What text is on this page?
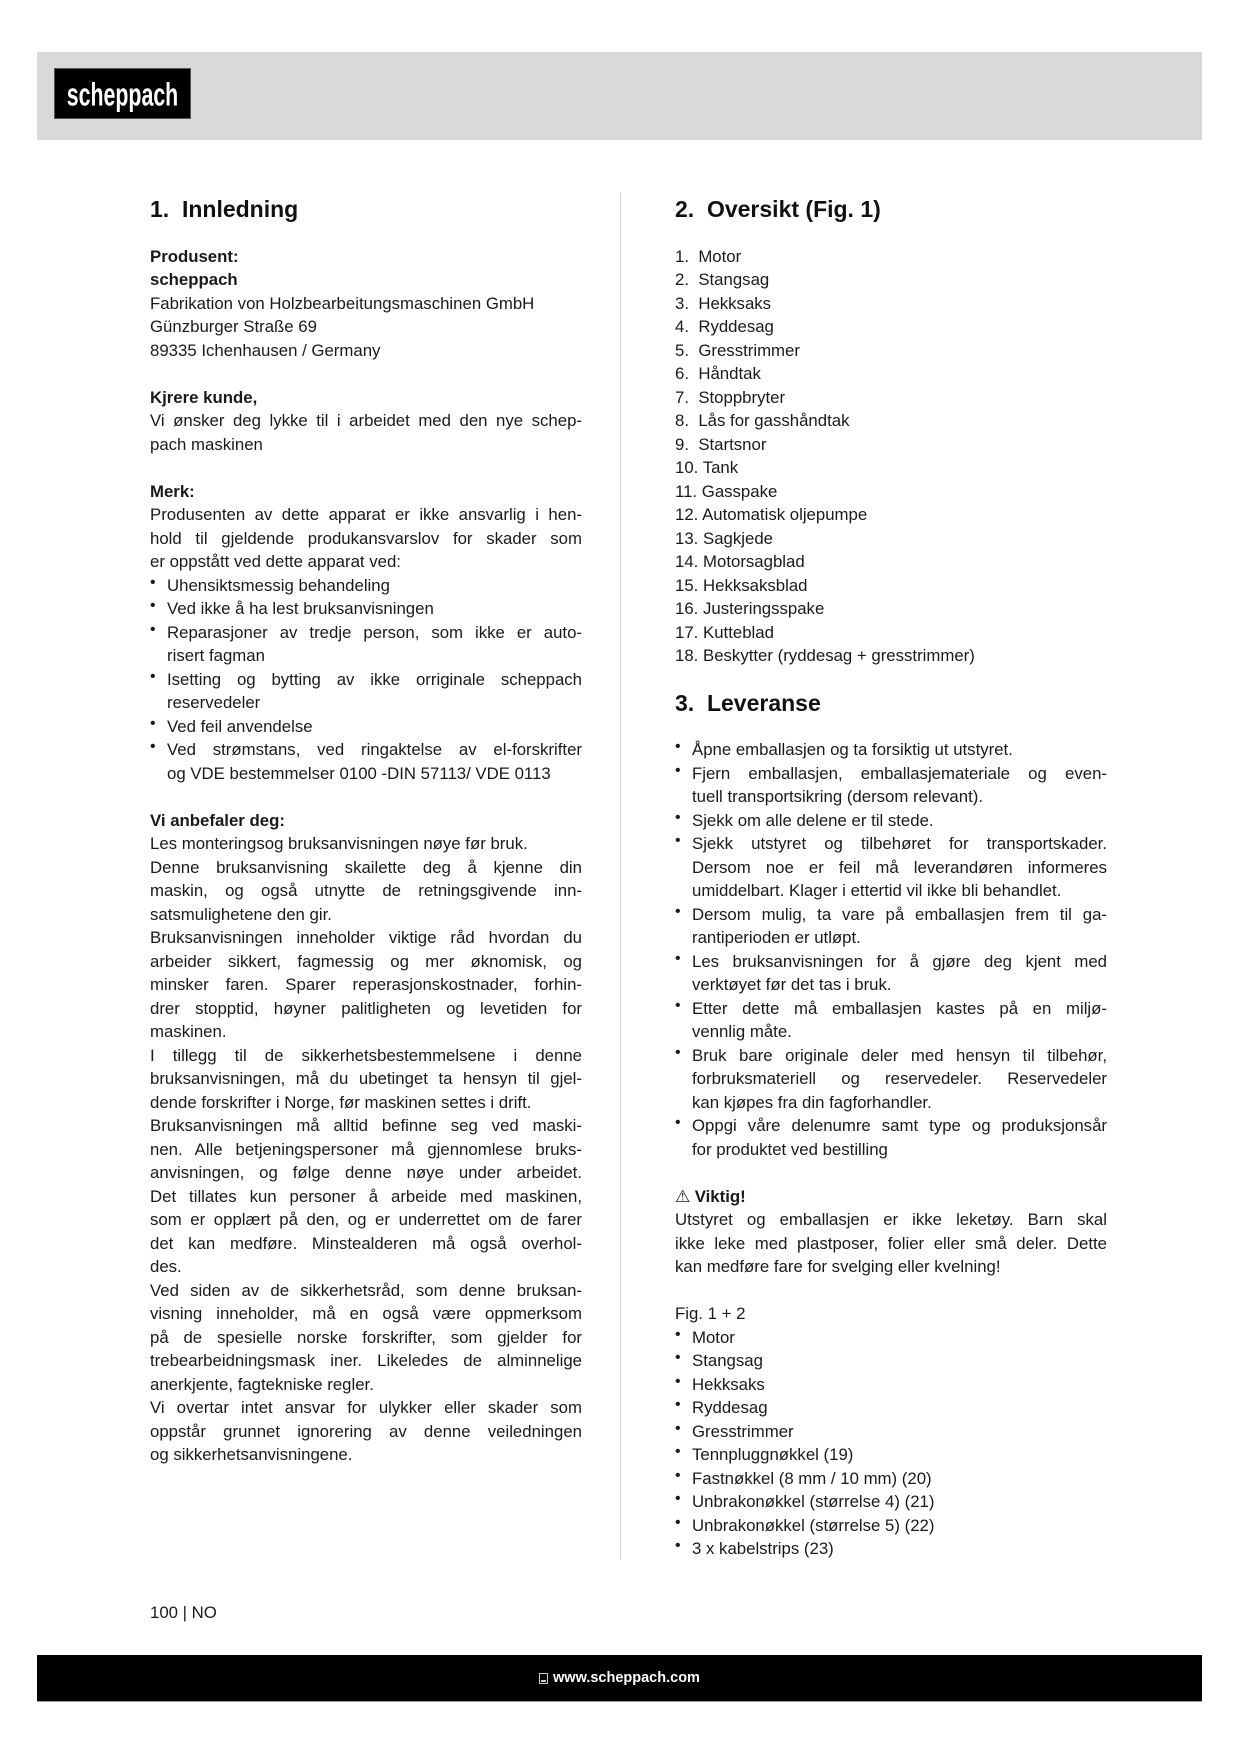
scheppach
1.  Innledning
Produsent:
scheppach
Fabrikation von Holzbearbeitungsmaschinen GmbH
Günzburger Straße 69
89335 Ichenhausen / Germany
Kjrere kunde,
Vi ønsker deg lykke til i arbeidet med den nye schep-
pach maskinen
Merk:
Produsenten av dette apparat er ikke ansvarlig i hen-
hold til gjeldende produkansvarslov for skader som
er oppstått ved dette apparat ved:
• Uhensiktsmessig behandeling
• Ved ikke å ha lest bruksanvisningen
• Reparasjoner av tredje person, som ikke er auto-
risert fagman
• Isetting og bytting av ikke orriginale scheppach
reservedeler
• Ved feil anvendelse
• Ved strømstans, ved ringaktelse av el-forskrifter
og VDE bestemmelser 0100 -DIN 57113/ VDE 0113
Vi anbefaler deg:
Les monteringsog bruksanvisningen nøye før bruk.
Denne bruksanvisning skailette deg å kjenne din
maskin, og også utnytte de retningsgivende inn-
satsmulighetene den gir.
Bruksanvisningen inneholder viktige råd hvordan du
arbeider sikkert, fagmessig og mer øknomisk, og
minsker faren. Sparer reperasjonskostnader, forhin-
drer stopptid, høyner palitligheten og levetiden for
maskinen.
I tillegg til de sikkerhetsbestemmelsene i denne
bruksanvisningen, må du ubetinget ta hensyn til gjel-
dende forskrifter i Norge, før maskinen settes i drift.
Bruksanvisningen må alltid befinne seg ved maski-
nen. Alle betjeningspersoner må gjennomlese bruks-
anvisningen, og følge denne nøye under arbeidet.
Det tillates kun personer å arbeide med maskinen,
som er opplært på den, og er underrettet om de farer
det kan medføre. Minstealderen må også overhol-
des.
Ved siden av de sikkerhetsråd, som denne bruksan-
visning inneholder, må en også være oppmerksom
på de spesielle norske forskrifter, som gjelder for
trebearbeidningsmask iner. Likeledes de alminnelige
anerkjente, fagtekniske regler.
Vi overtar intet ansvar for ulykker eller skader som
oppstår grunnet ignorering av denne veiledningen
og sikkerhetsanvisningene.
2.  Oversikt (Fig. 1)
1. Motor
2. Stangsag
3. Hekksaks
4. Ryddesag
5. Gresstrimmer
6. Håndtak
7. Stoppbryter
8. Lås for gasshåndtak
9. Startsnor
10. Tank
11. Gasspake
12. Automatisk oljepumpe
13. Sagkjede
14. Motorsagblad
15. Hekksaksblad
16. Justeringsspake
17. Kutteblad
18. Beskytter (ryddesag + gresstrimmer)
3.  Leveranse
• Åpne emballasjen og ta forsiktig ut utstyret.
• Fjern emballasjen, emballasjemateriale og even-
tuell transportsikring (dersom relevant).
• Sjekk om alle delene er til stede.
• Sjekk utstyret og tilbehøret for transportskader.
Dersom noe er feil må leverandøren informeres
umiddelbart. Klager i ettertid vil ikke bli behandlet.
• Dersom mulig, ta vare på emballasjen frem til ga-
rantiperioden er utløpt.
• Les bruksanvisningen for å gjøre deg kjent med
verktøyet før det tas i bruk.
• Etter dette må emballasjen kastes på en miljø-
vennlig måte.
• Bruk bare originale deler med hensyn til tilbehør,
forbruksmateriell og reservedeler. Reservedeler
kan kjøpes fra din fagforhandler.
• Oppgi våre delenumre samt type og produksjonsår
for produktet ved bestilling
⚠ Viktig!
Utstyret og emballasjen er ikke leketøy. Barn skal
ikke leke med plastposer, folier eller små deler. Dette
kan medføre fare for svelging eller kvelning!
Fig. 1 + 2
• Motor
• Stangsag
• Hekksaks
• Ryddesag
• Gresstrimmer
• Tennpluggnøkkel (19)
• Fastnøkkel (8 mm / 10 mm) (20)
• Unbrakonøkkel (størrelse 4) (21)
• Unbrakonøkkel (størrelse 5) (22)
• 3 x kabelstrips (23)
100 | NO
www.scheppach.com
